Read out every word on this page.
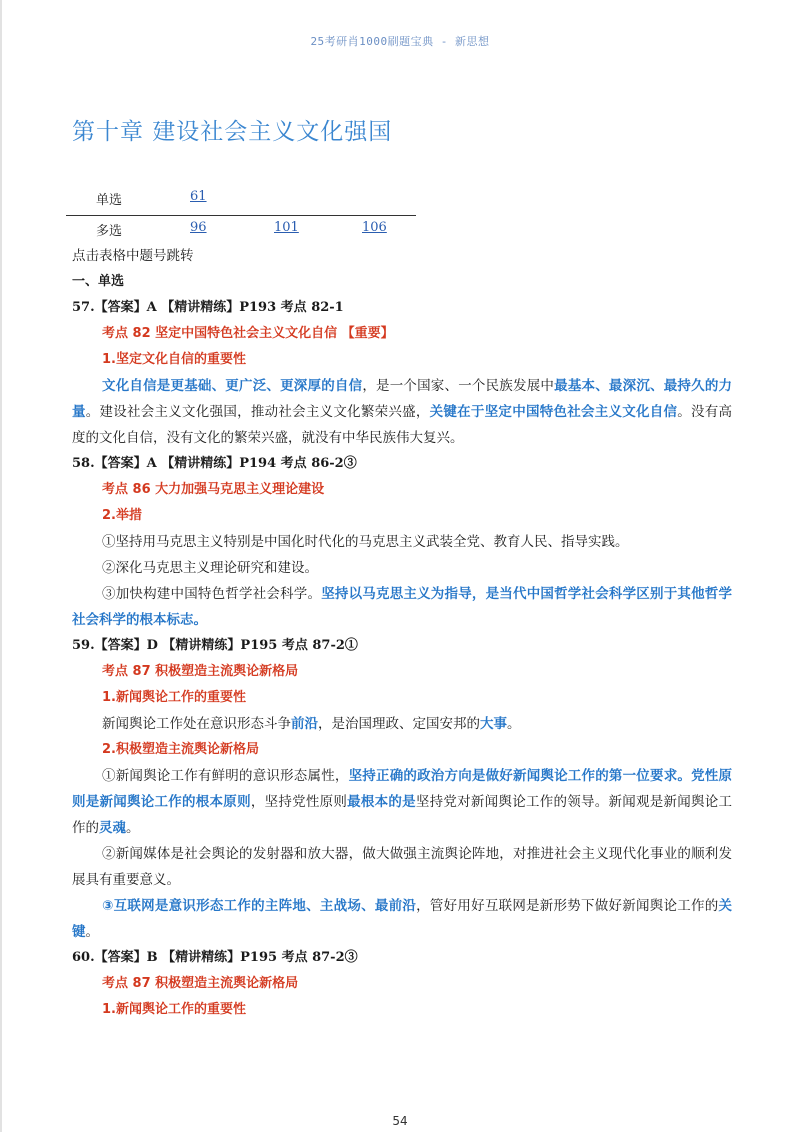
25考研肖1000刷题宝典 - 新思想
第十章 建设社会主义文化强国
单选	61
多选	96	101	106

点击表格中题号跳转

一、单选

57.【答案】A 【精讲精练】P193 考点 82-1

考点 82 坚定中国特色社会主义文化自信 【重要】

1.坚定文化自信的重要性

文化自信是更基础、更广泛、更深厚的自信，是一个国家、一个民族发展中最基本、最深沉、最持久的力量。建设社会主义文化强国，推动社会主义文化繁荣兴盛，关键在于坚定中国特色社会主义文化自信。没有高度的文化自信，没有文化的繁荣兴盛，就没有中华民族伟大复兴。

58.【答案】A 【精讲精练】P194 考点 86-2③

考点 86 大力加强马克思主义理论建设

2.举措

①坚持用马克思主义特别是中国化时代化的马克思主义武装全党、教育人民、指导实践。

②深化马克思主义理论研究和建设。

③加快构建中国特色哲学社会科学。坚持以马克思主义为指导，是当代中国哲学社会科学区别于其他哲学社会科学的根本标志。

59.【答案】D 【精讲精练】P195 考点 87-2①

考点 87 积极塑造主流舆论新格局

1.新闻舆论工作的重要性

新闻舆论工作处在意识形态斗争前沿，是治国理政、定国安邦的大事。

2.积极塑造主流舆论新格局

①新闻舆论工作有鲜明的意识形态属性，坚持正确的政治方向是做好新闻舆论工作的第一位要求。党性原则是新闻舆论工作的根本原则，坚持党性原则最根本的是坚持党对新闻舆论工作的领导。新闻观是新闻舆论工作的灵魂。

②新闻媒体是社会舆论的发射器和放大器，做大做强主流舆论阵地，对推进社会主义现代化事业的顺利发展具有重要意义。

③互联网是意识形态工作的主阵地、主战场、最前沿，管好用好互联网是新形势下做好新闻舆论工作的关键。

60.【答案】B 【精讲精练】P195 考点 87-2③

考点 87 积极塑造主流舆论新格局

1.新闻舆论工作的重要性

54
